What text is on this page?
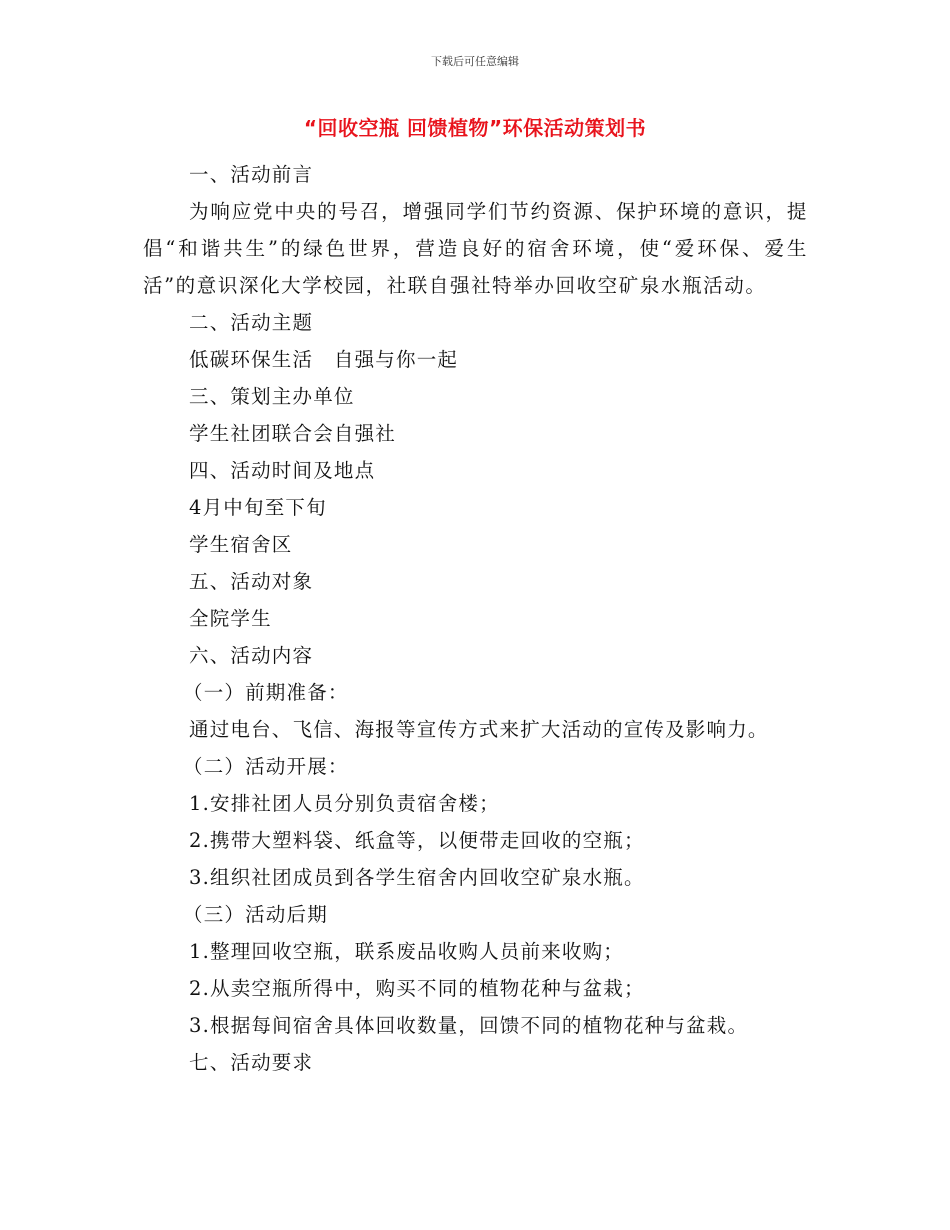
下载后可任意编辑
“回收空瓶 回馈植物”环保活动策划书

一、活动前言

为响应党中央的号召，增强同学们节约资源、保护环境的意识，提倡“和谐共生”的绿色世界，营造良好的宿舍环境，使“爱环保、爱生活”的意识深化大学校园，社联自强社特举办回收空矿泉水瓶活动。

二、活动主题

低碳环保生活　自强与你一起

三、策划主办单位

学生社团联合会自强社

四、活动时间及地点

4月中旬至下旬

学生宿舍区

五、活动对象

全院学生

六、活动内容

（一）前期准备：

通过电台、飞信、海报等宣传方式来扩大活动的宣传及影响力。

（二）活动开展：

1.安排社团人员分别负责宿舍楼；

2.携带大塑料袋、纸盒等，以便带走回收的空瓶；

3.组织社团成员到各学生宿舍内回收空矿泉水瓶。

（三）活动后期

1.整理回收空瓶，联系废品收购人员前来收购；

2.从卖空瓶所得中，购买不同的植物花种与盆栽；

3.根据每间宿舍具体回收数量，回馈不同的植物花种与盆栽。

七、活动要求
